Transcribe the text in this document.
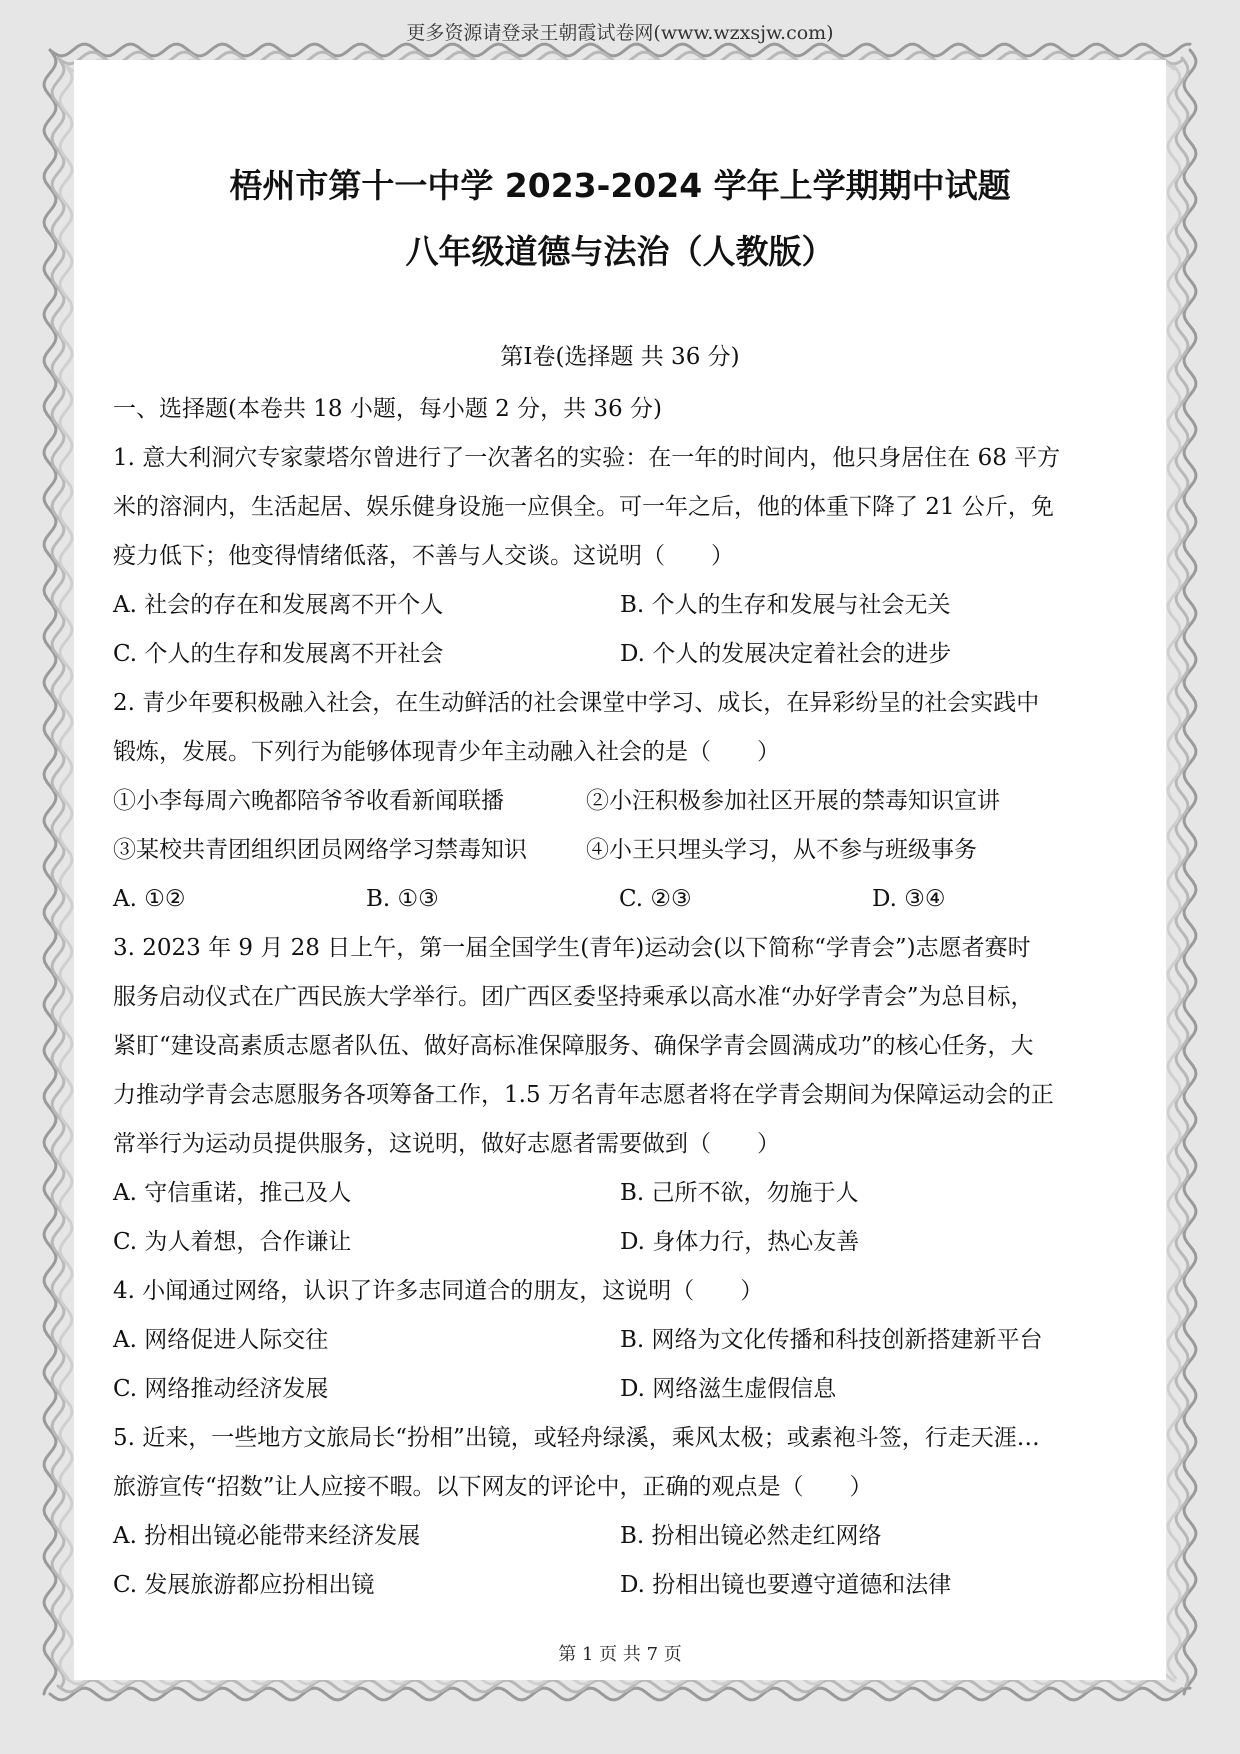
更多资源请登录王朝霞试卷网(www.wzxsjw.com)
梧州市第十一中学 2023-2024 学年上学期期中试题
八年级道德与法治（人教版）
第Ⅰ卷(选择题 共 36 分)
一、选择题(本卷共 18 小题，每小题 2 分，共 36 分)
1. 意大利洞穴专家蒙塔尔曾进行了一次著名的实验：在一年的时间内，他只身居住在 68 平方
米的溶洞内，生活起居、娱乐健身设施一应俱全。可一年之后，他的体重下降了 21 公斤，免
疫力低下；他变得情绪低落，不善与人交谈。这说明（　　）
A. 社会的存在和发展离不开个人	B. 个人的生存和发展与社会无关
C. 个人的生存和发展离不开社会	D. 个人的发展决定着社会的进步
2. 青少年要积极融入社会，在生动鲜活的社会课堂中学习、成长，在异彩纷呈的社会实践中
锻炼，发展。下列行为能够体现青少年主动融入社会的是（　　）
①小李每周六晚都陪爷爷收看新闻联播	②小汪积极参加社区开展的禁毒知识宣讲
③某校共青团组织团员网络学习禁毒知识	④小王只埋头学习，从不参与班级事务
A. ①②	B. ①③	C. ②③	D. ③④
3. 2023 年 9 月 28 日上午，第一届全国学生(青年)运动会(以下简称“学青会”)志愿者赛时
服务启动仪式在广西民族大学举行。团广西区委坚持乘承以高水准“办好学青会”为总目标，
紧盯“建设高素质志愿者队伍、做好高标准保障服务、确保学青会圆满成功”的核心任务，大
力推动学青会志愿服务各项筹备工作，1.5 万名青年志愿者将在学青会期间为保障运动会的正
常举行为运动员提供服务，这说明，做好志愿者需要做到（　　）
A. 守信重诺，推己及人	B. 己所不欲，勿施于人
C. 为人着想，合作谦让	D. 身体力行，热心友善
4. 小闻通过网络，认识了许多志同道合的朋友，这说明（　　）
A. 网络促进人际交往	B. 网络为文化传播和科技创新搭建新平台
C. 网络推动经济发展	D. 网络滋生虚假信息
5. 近来，一些地方文旅局长“扮相”出镜，或轻舟绿溪，乘风太极；或素袍斗签，行走天涯…
旅游宣传“招数”让人应接不暇。以下网友的评论中，正确的观点是（　　）
A. 扮相出镜必能带来经济发展	B. 扮相出镜必然走红网络
C. 发展旅游都应扮相出镜	D. 扮相出镜也要遵守道德和法律
第 1 页 共 7 页
